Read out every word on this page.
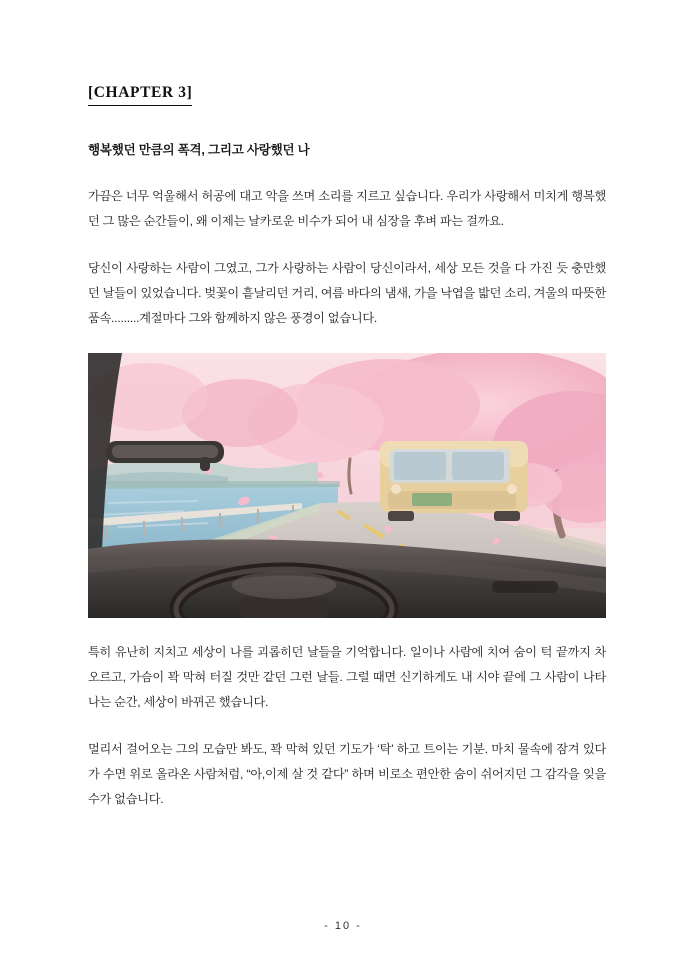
[CHAPTER 3]
행복했던 만큼의 폭격, 그리고 사랑했던 나

가끔은 너무 억울해서 허공에 대고 악을 쓰며 소리를 지르고 싶습니다. 우리가 사랑해서 미치게 행복했던 그 많은 순간들이, 왜 이제는 날카로운 비수가 되어 내 심장을 후벼 파는 걸까요.

당신이 사랑하는 사람이 그였고, 그가 사랑하는 사람이 당신이라서, 세상 모든 것을 다 가진 듯 충만했던 날들이 있었습니다. 벚꽃이 흩날리던 거리, 여름 바다의 냄새, 가을 낙엽을 밟던 소리, 겨울의 따뜻한 품속.........계절마다 그와 함께하지 않은 풍경이 없습니다.

특히 유난히 지치고 세상이 나를 괴롭히던 날들을 기억합니다. 일이나 사람에 치여 숨이 턱 끝까지 차오르고, 가슴이 꽉 막혀 터질 것만 같던 그런 날들. 그럴 때면 신기하게도 내 시야 끝에 그 사람이 나타나는 순간, 세상이 바뀌곤 했습니다.

멀리서 걸어오는 그의 모습만 봐도, 꽉 막혀 있던 기도가 ‘탁’ 하고 트이는 기분. 마치 물속에 잠겨 있다가 수면 위로 올라온 사람처럼, “아,이제 살 것 같다” 하며 비로소 편안한 숨이 쉬어지던 그 감각을 잊을 수가 없습니다.

- 10 -
